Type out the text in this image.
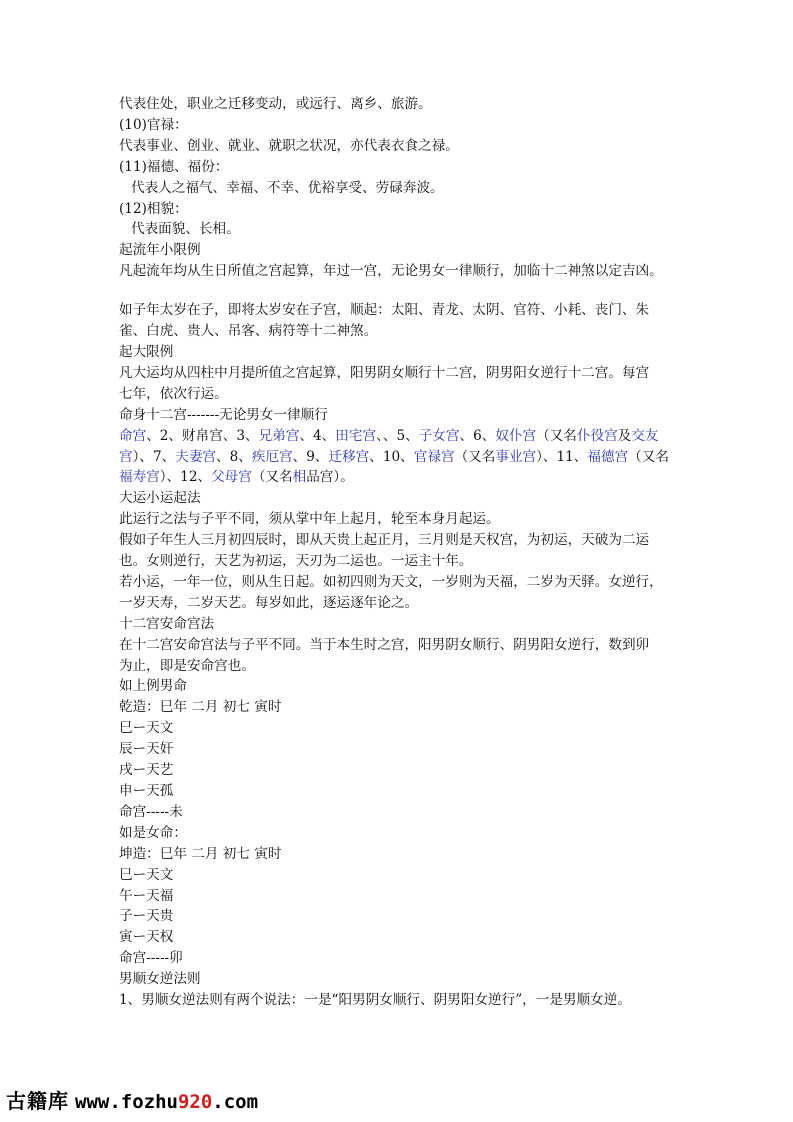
代表住处，职业之迁移变动，或远行、离乡、旅游。
(10)官禄：
代表事业、创业、就业、就职之状况，亦代表衣食之禄。
(11)福德、福份：
代表人之福气、幸福、不幸、优裕享受、劳碌奔波。
(12)相貌：
代表面貌、长相。
起流年小限例
凡起流年均从生日所值之宫起算，年过一宫，无论男女一律顺行，加临十二神煞以定吉凶。
如子年太岁在子，即将太岁安在子宫，顺起：太阳、青龙、太阴、官符、小耗、丧门、朱
雀、白虎、贵人、吊客、病符等十二神煞。
起大限例
凡大运均从四柱中月提所值之宫起算，阳男阴女顺行十二宫，阴男阳女逆行十二宫。每宫
七年，依次行运。
命身十二宫-------无论男女一律顺行
命宫、2、财帛宫、3、兄弟宫、4、田宅宫、、5、子女宫、6、奴仆宫（又名仆役宫及交友
宫）、7、夫妻宫、8、疾厄宫、9、迁移宫、10、官禄宫（又名事业宫）、11、福德宫（又名
福寿宫）、12、父母宫（又名相品宫）。
大运小运起法
此运行之法与子平不同，须从掌中年上起月，轮至本身月起运。
假如子年生人三月初四辰时，即从天贵上起正月，三月则是天权宫，为初运，天破为二运
也。女则逆行，天艺为初运，天刃为二运也。一运主十年。
若小运，一年一位，则从生日起。如初四则为天文，一岁则为天福，二岁为天驿。女逆行，
一岁天寿，二岁天艺。每岁如此，逐运逐年论之。
十二宫安命宫法
在十二宫安命宫法与子平不同。当于本生时之宫，阳男阴女顺行、阴男阳女逆行，数到卯
为止，即是安命宫也。
如上例男命
乾造：巳年 二月 初七 寅时
巳ー天文
辰ー天奸
戌ー天艺
申ー天孤
命宫-----未
如是女命：
坤造：巳年 二月 初七 寅时
巳ー天文
午ー天福
子ー天贵
寅ー天权
命宫-----卯
男顺女逆法则
1、男顺女逆法则有两个说法：一是“阳男阴女顺行、阴男阳女逆行”，一是男顺女逆。
古籍库 www.fozhu920.com
